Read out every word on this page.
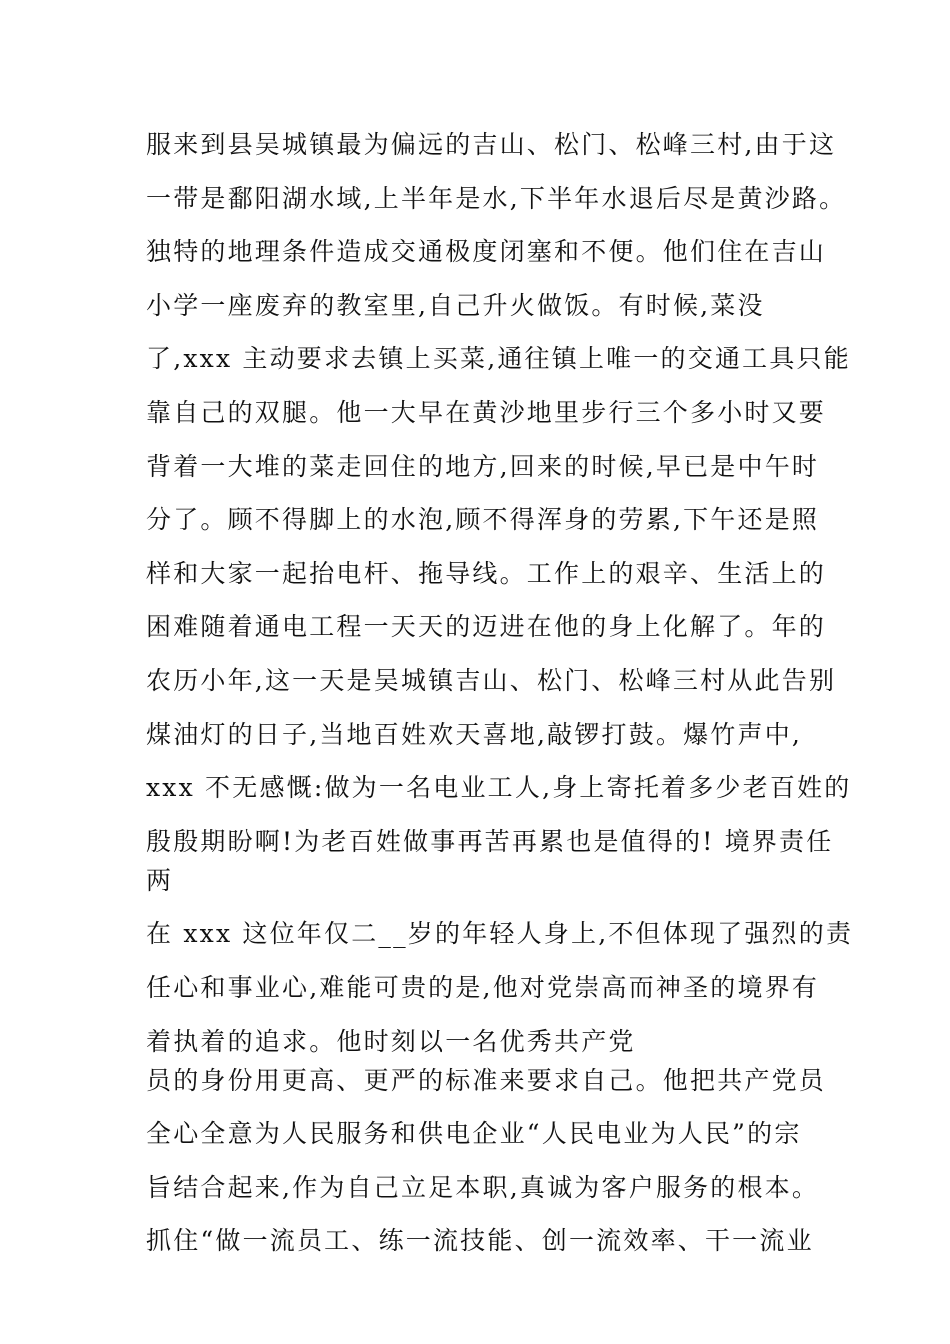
服来到县吴城镇最为偏远的吉山、松门、松峰三村,由于这
一带是鄱阳湖水域,上半年是水,下半年水退后尽是黄沙路。
独特的地理条件造成交通极度闭塞和不便。他们住在吉山
小学一座废弃的教室里,自己升火做饭。有时候,菜没
了,xxx 主动要求去镇上买菜,通往镇上唯一的交通工具只能
靠自己的双腿。他一大早在黄沙地里步行三个多小时又要
背着一大堆的菜走回住的地方,回来的时候,早已是中午时
分了。顾不得脚上的水泡,顾不得浑身的劳累,下午还是照
样和大家一起抬电杆、拖导线。工作上的艰辛、生活上的
困难随着通电工程一天天的迈进在他的身上化解了。年的
农历小年,这一天是吴城镇吉山、松门、松峰三村从此告别
煤油灯的日子,当地百姓欢天喜地,敲锣打鼓。爆竹声中,
xxx 不无感慨:做为一名电业工人,身上寄托着多少老百姓的
殷殷期盼啊!为老百姓做事再苦再累也是值得的! 境界责任
两
在 xxx 这位年仅二__岁的年轻人身上,不但体现了强烈的责
任心和事业心,难能可贵的是,他对党崇高而神圣的境界有
着执着的追求。他时刻以一名优秀共产党
员的身份用更高、更严的标准来要求自己。他把共产党员
全心全意为人民服务和供电企业“人民电业为人民”的宗
旨结合起来,作为自己立足本职,真诚为客户服务的根本。
抓住“做一流员工、练一流技能、创一流效率、干一流业
